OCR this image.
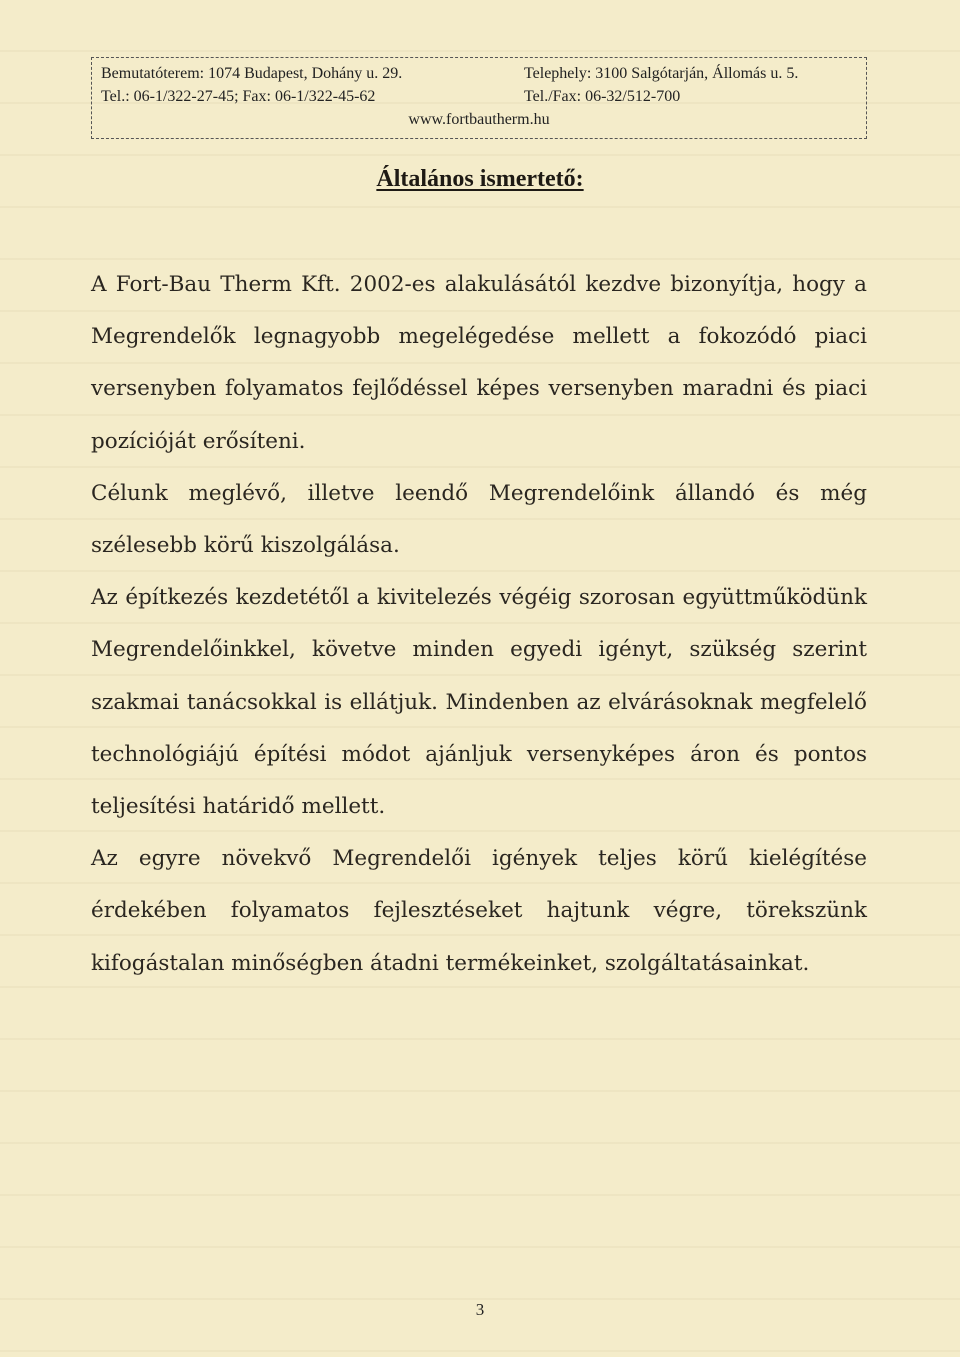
Bemutatóterem: 1074 Budapest, Dohány u. 29.
Tel.: 06-1/322-27-45; Fax: 06-1/322-45-62
Telephely: 3100 Salgótarján, Állomás u. 5.
Tel./Fax: 06-32/512-700
www.fortbautherm.hu
Általános ismertető:

A Fort-Bau Therm Kft. 2002-es alakulásától kezdve bizonyítja, hogy a Megrendelők legnagyobb megelégedése mellett a fokozódó piaci versenyben folyamatos fejlődéssel képes versenyben maradni és piaci pozícióját erősíteni.

Célunk meglévő, illetve leendő Megrendelőink állandó és még szélesebb körű kiszolgálása.

Az építkezés kezdetétől a kivitelezés végéig szorosan együttműködünk Megrendelőinkkel, követve minden egyedi igényt, szükség szerint szakmai tanácsokkal is ellátjuk. Mindenben az elvárásoknak megfelelő technológiájú építési módot ajánljuk versenyképes áron és pontos teljesítési határidő mellett.

Az egyre növekvő Megrendelői igények teljes körű kielégítése érdekében folyamatos fejlesztéseket hajtunk végre, törekszünk kifogástalan minőségben átadni termékeinket, szolgáltatásainkat.

3
